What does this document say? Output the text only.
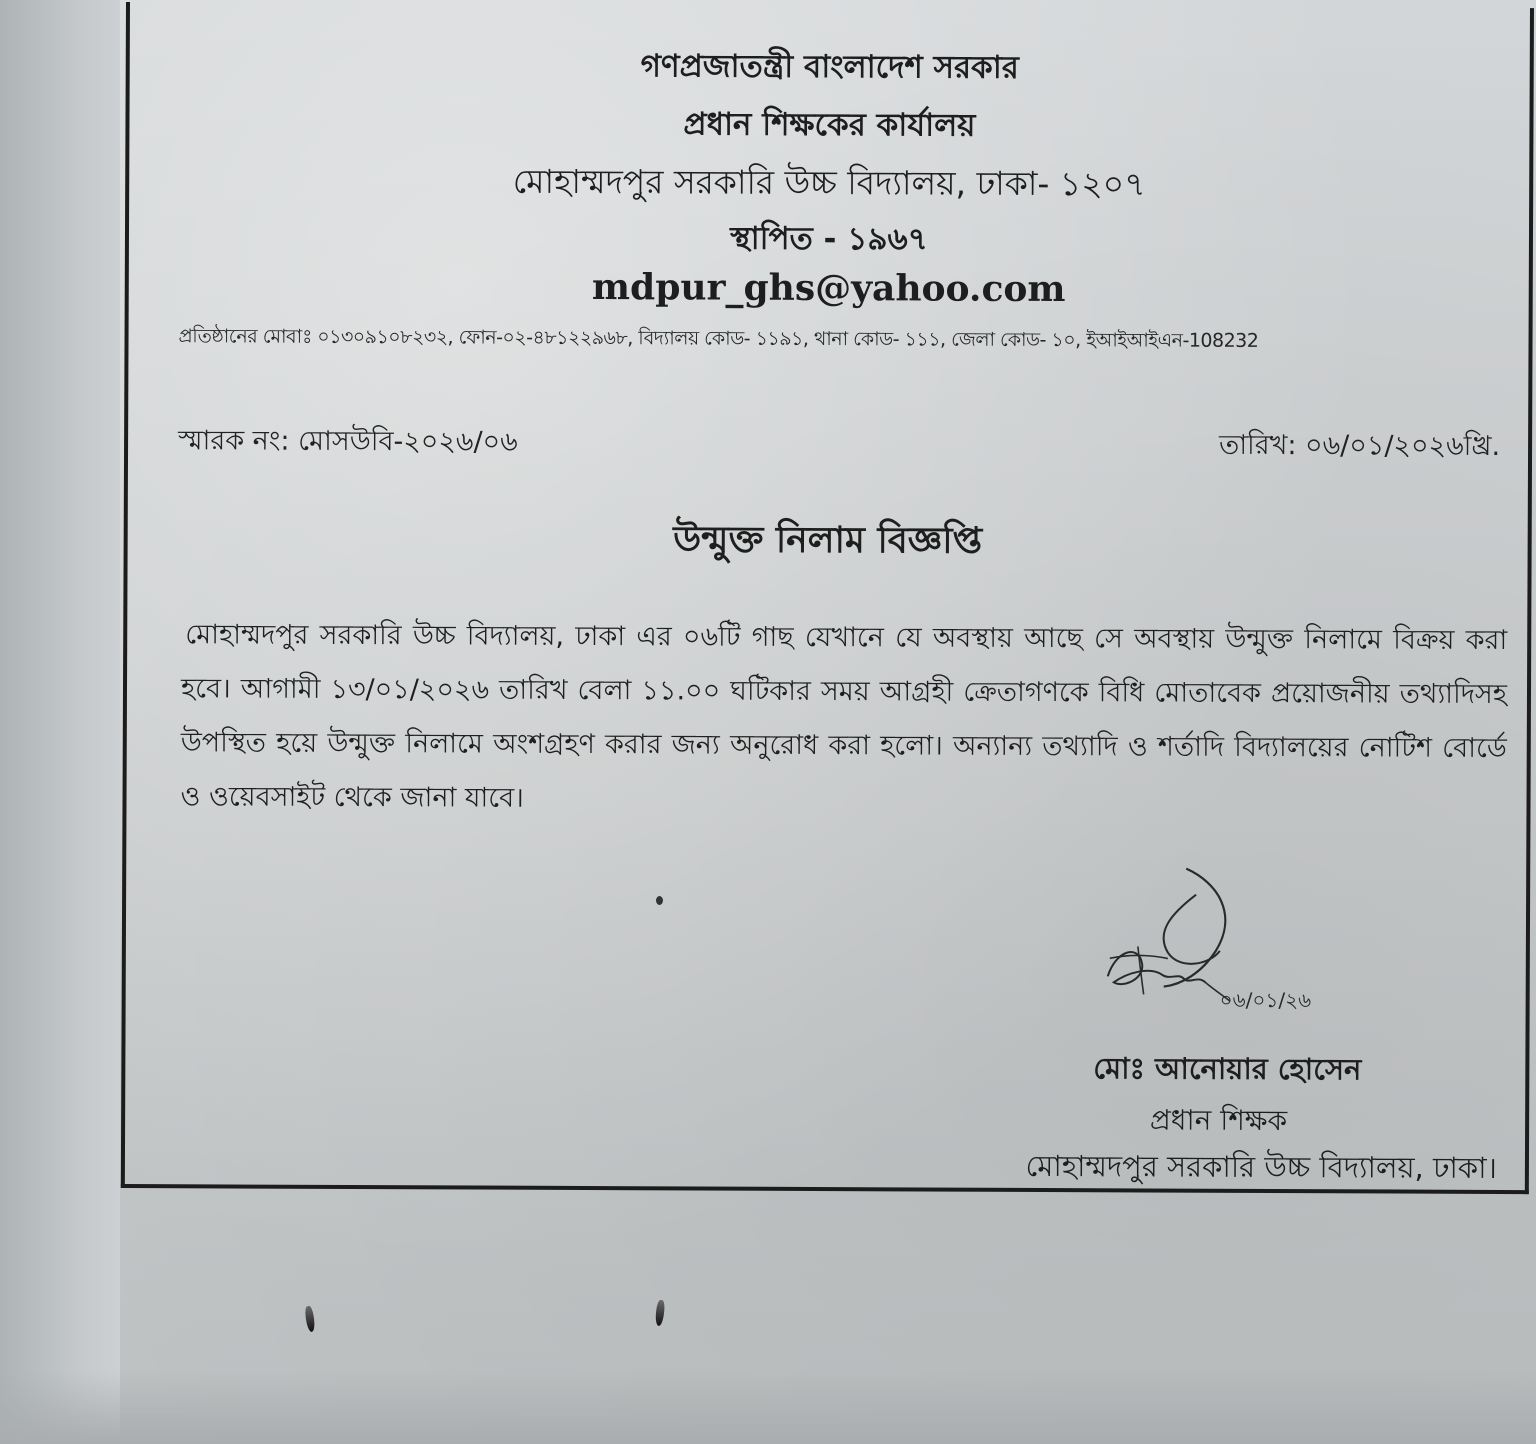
গণপ্রজাতন্ত্রী বাংলাদেশ সরকার
প্রধান শিক্ষকের কার্যালয়
মোহাম্মদপুর সরকারি উচ্চ বিদ্যালয়, ঢাকা- ১২০৭
স্থাপিত - ১৯৬৭
mdpur_ghs@yahoo.com
প্রতিষ্ঠানের মোবাঃ ০১৩০৯১০৮২৩২, ফোন-০২-৪৮১২২৯৬৮, বিদ্যালয় কোড- ১১৯১, থানা কোড- ১১১, জেলা কোড- ১০, ইআইআইএন-108232
স্মারক নং: মোসউবি-২০২৬/০৬	তারিখ: ০৬/০১/২০২৬খ্রি.
উন্মুক্ত নিলাম বিজ্ঞপ্তি
মোহাম্মদপুর সরকারি উচ্চ বিদ্যালয়, ঢাকা এর ০৬টি গাছ যেখানে যে অবস্থায় আছে সে অবস্থায় উন্মুক্ত নিলামে বিক্রয় করা হবে। আগামী ১৩/০১/২০২৬ তারিখ বেলা ১১.০০ ঘটিকার সময় আগ্রহী ক্রেতাগণকে বিধি মোতাবেক প্রয়োজনীয় তথ্যাদিসহ উপস্থিত হয়ে উন্মুক্ত নিলামে অংশগ্রহণ করার জন্য অনুরোধ করা হলো। অন্যান্য তথ্যাদি ও শর্তাদি বিদ্যালয়ের নোটিশ বোর্ডে ও ওয়েবসাইট থেকে জানা যাবে।
০৬/০১/২৬
মোঃ আনোয়ার হোসেন
প্রধান শিক্ষক
মোহাম্মদপুর সরকারি উচ্চ বিদ্যালয়, ঢাকা।
